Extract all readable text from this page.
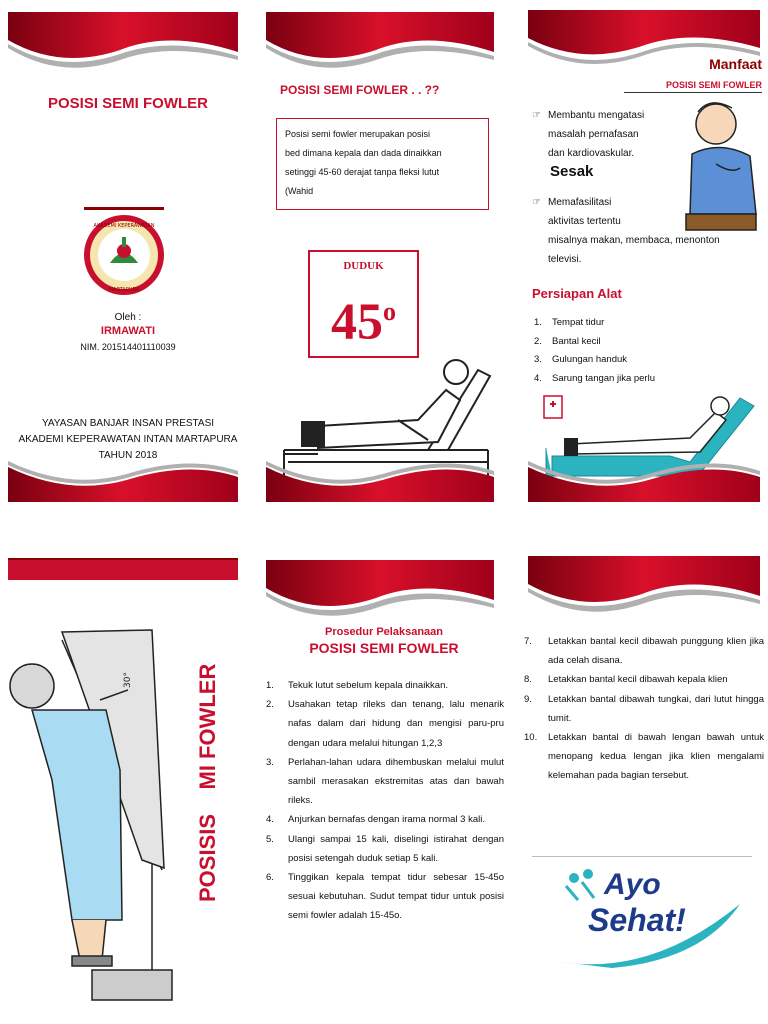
POSISI SEMI FOWLER
AKADEMI KEPERAWATAN
MARTAPURA
Oleh :
IRMAWATI
NIM. 201514401110039
YAYASAN BANJAR INSAN PRESTASI
AKADEMI KEPERAWATAN INTAN MARTAPURA
TAHUN 2018
POSISI SEMI FOWLER . . ??
Posisi semi fowler merupakan posisi
bed dimana kepala dan dada dinaikkan
setinggi 45-60 derajat tanpa fleksi lutut
(Wahid
DUDUK
45$^o$
Manfaat
POSISI SEMI FOWLER
☞ Membantu mengatasi
masalah pernafasan
dan kardiovaskular.
Sesak
☞ Memafasilitasi
aktivitas tertentu
misalnya makan, membaca, menonton
televisi.
Persiapan Alat
1. Tempat tidur
2. Bantal kecil
3. Gulungan handuk
4. Sarung tangan jika perlu
30°
POSISIS    MI FOWLER
Prosedur Pelaksanaan
POSISI SEMI FOWLER
1.	Tekuk lutut sebelum kepala dinaikkan.
2.	Usahakan tetap rileks dan tenang, lalu menarik nafas dalam dari hidung dan mengisi paru-pru dengan udara melalui hitungan 1,2,3
3.	Perlahan-lahan udara dihembuskan melalui mulut sambil merasakan ekstremitas atas dan bawah rileks.
4.	Anjurkan bernafas dengan irama normal 3 kali.
5.	Ulangi sampai 15 kali, diselingi istirahat dengan posisi setengah duduk setiap 5 kali.
6.	Tinggikan kepala tempat tidur sebesar 15-45o sesuai kebutuhan. Sudut tempat tidur untuk posisi semi fowler adalah 15-45o.
7.	Letakkan bantal kecil dibawah punggung klien jika ada celah disana.
8.	Letakkan bantal kecil dibawah kepala klien
9.	Letakkan bantal dibawah tungkai, dari lutut hingga tumit.
10.	Letakkan bantal di bawah lengan bawah untuk menopang kedua lengan jika klien mengalami kelemahan pada bagian tersebut.
Ayo
Sehat!
